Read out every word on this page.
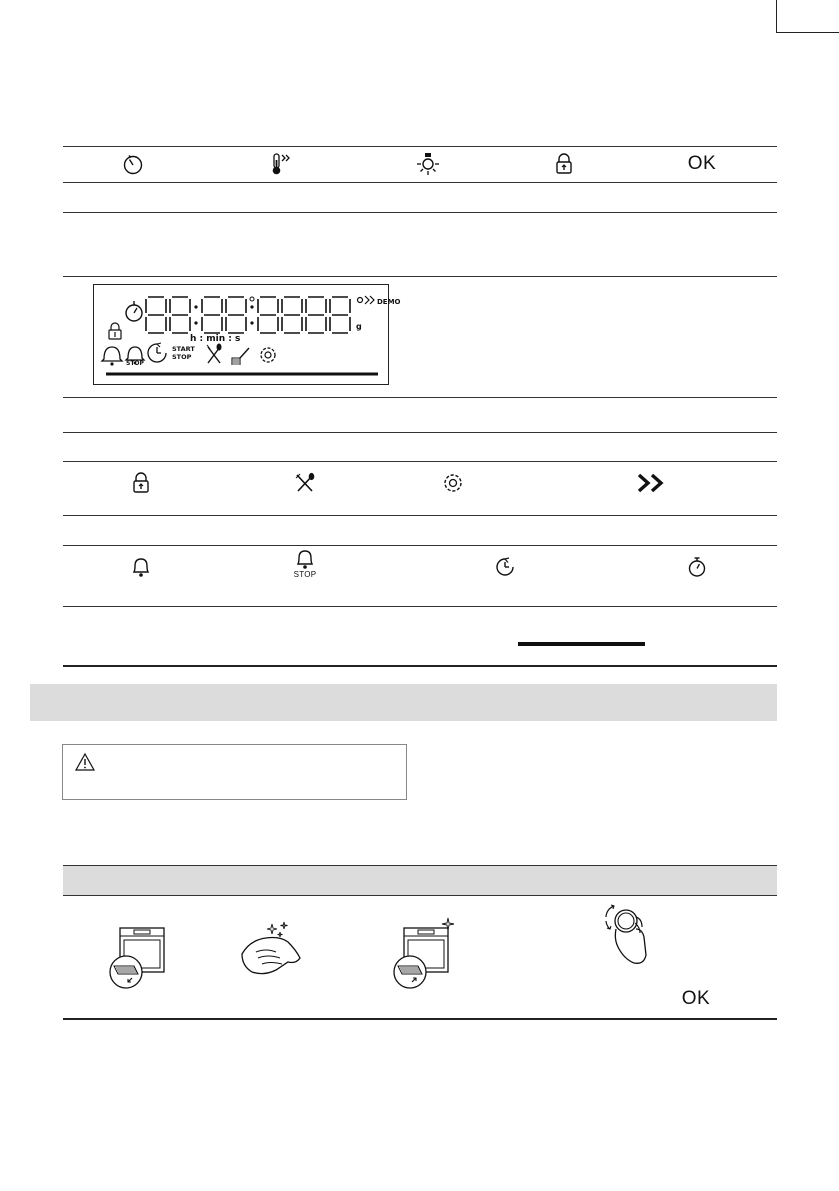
OK
g
h : min : s
DEMO
STOP
START
STOP
STOP
OK
